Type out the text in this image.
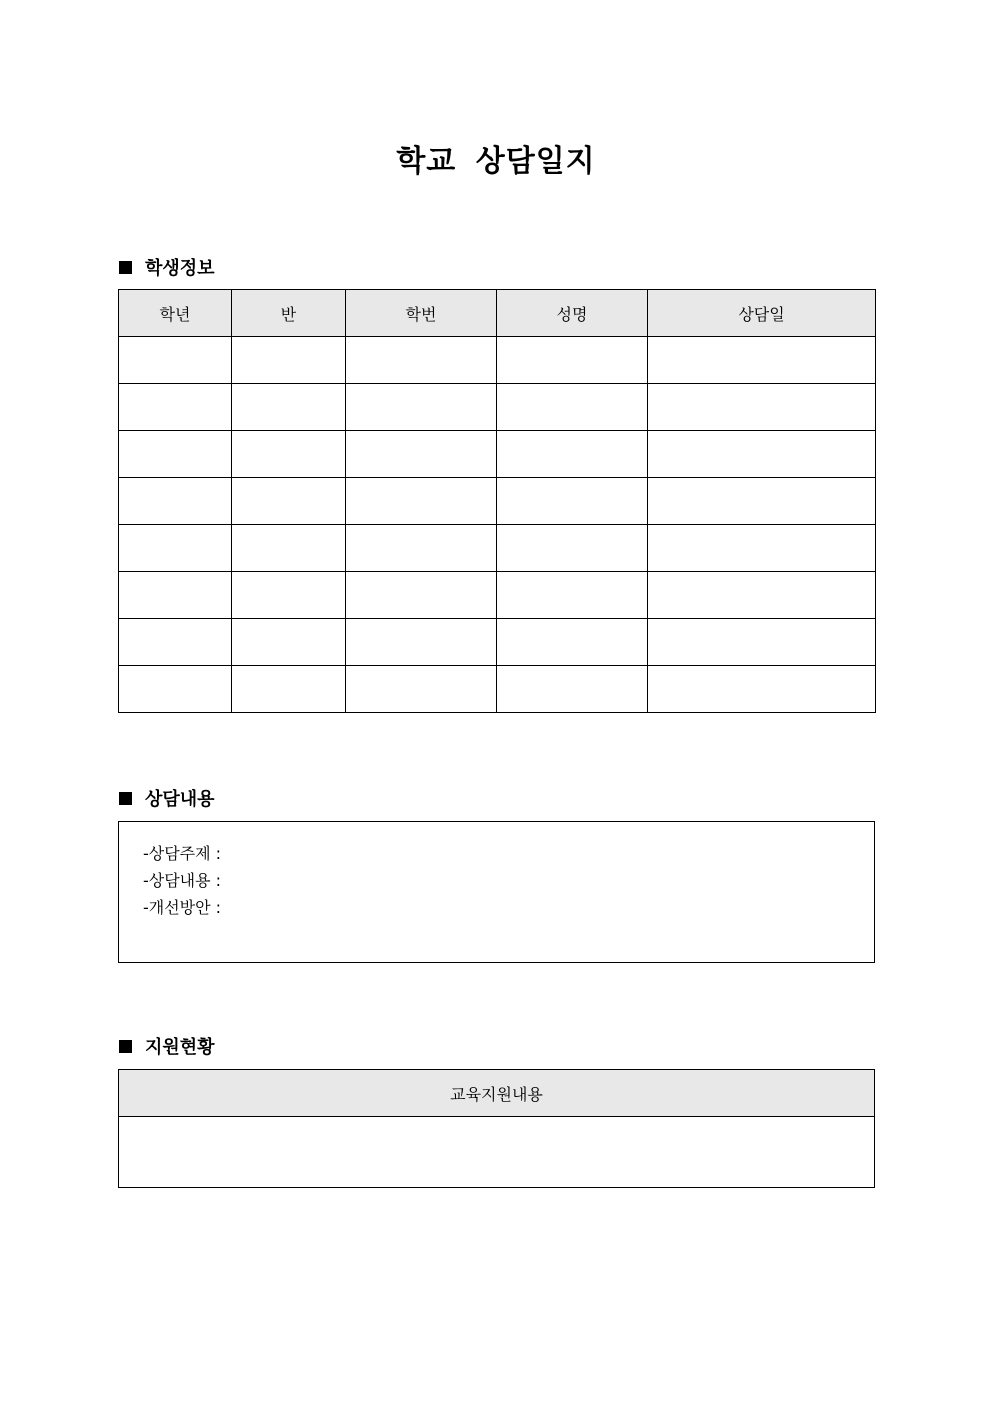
학교 상담일지
학생정보
학년	반	학번	성명	상담일

상담내용
-상담주제 :
-상담내용 :
-개선방안 :
지원현황
교육지원내용
